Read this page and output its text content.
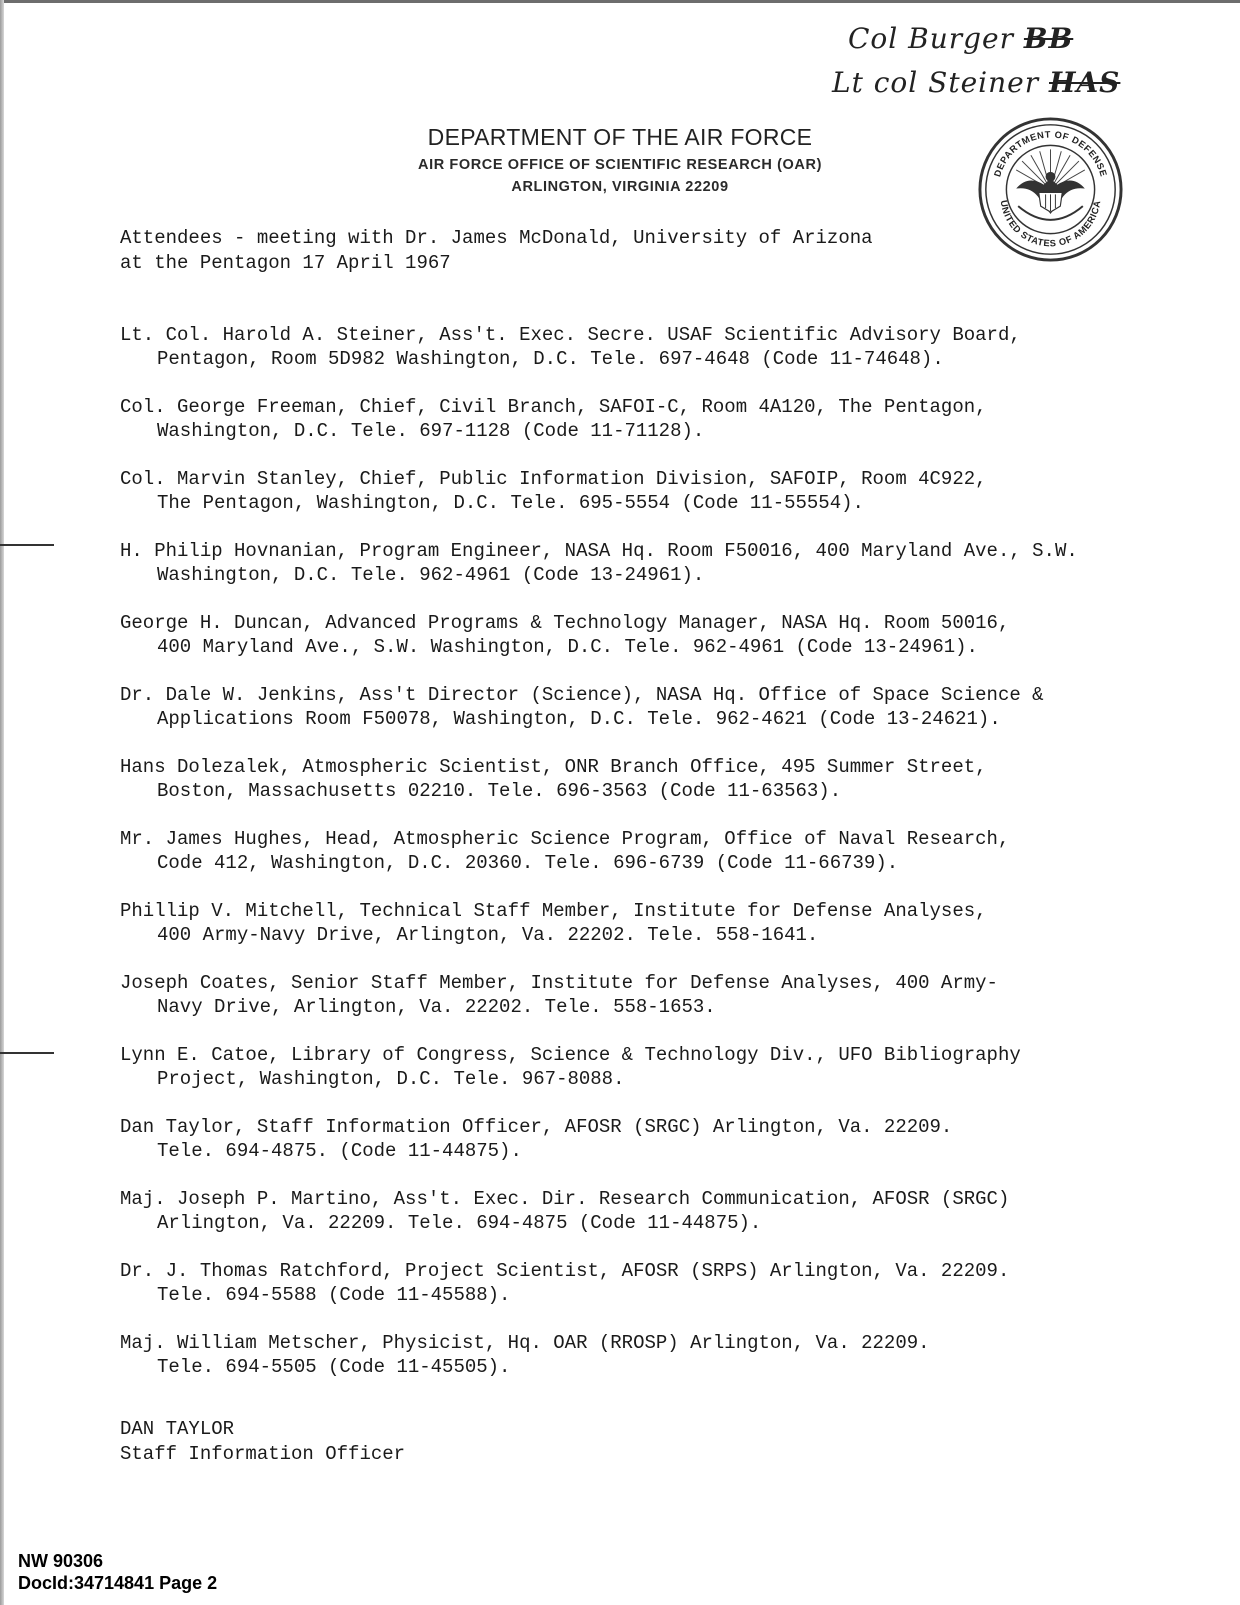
Col Burger BB
Lt col Steiner HAS
DEPARTMENT OF THE AIR FORCE
AIR FORCE OFFICE OF SCIENTIFIC RESEARCH (OAR)
ARLINGTON, VIRGINIA 22209
DEPARTMENT OF DEFENSE
UNITED STATES OF AMERICA
Attendees - meeting with Dr. James McDonald, University of Arizona
at the Pentagon 17 April 1967
Lt. Col. Harold A. Steiner, Ass't. Exec. Secre. USAF Scientific Advisory Board,
Pentagon, Room 5D982 Washington, D.C. Tele. 697-4648 (Code 11-74648).
Col. George Freeman, Chief, Civil Branch, SAFOI-C, Room 4A120, The Pentagon,
Washington, D.C. Tele. 697-1128 (Code 11-71128).
Col. Marvin Stanley, Chief, Public Information Division, SAFOIP, Room 4C922,
The Pentagon, Washington, D.C. Tele. 695-5554 (Code 11-55554).
H. Philip Hovnanian, Program Engineer, NASA Hq. Room F50016, 400 Maryland Ave., S.W.
Washington, D.C. Tele. 962-4961 (Code 13-24961).
George H. Duncan, Advanced Programs & Technology Manager, NASA Hq. Room 50016,
400 Maryland Ave., S.W. Washington, D.C. Tele. 962-4961 (Code 13-24961).
Dr. Dale W. Jenkins, Ass't Director (Science), NASA Hq. Office of Space Science &
Applications Room F50078, Washington, D.C. Tele. 962-4621 (Code 13-24621).
Hans Dolezalek, Atmospheric Scientist, ONR Branch Office, 495 Summer Street,
Boston, Massachusetts 02210. Tele. 696-3563 (Code 11-63563).
Mr. James Hughes, Head, Atmospheric Science Program, Office of Naval Research,
Code 412, Washington, D.C. 20360. Tele. 696-6739 (Code 11-66739).
Phillip V. Mitchell, Technical Staff Member, Institute for Defense Analyses,
400 Army-Navy Drive, Arlington, Va. 22202. Tele. 558-1641.
Joseph Coates, Senior Staff Member, Institute for Defense Analyses, 400 Army-
Navy Drive, Arlington, Va. 22202. Tele. 558-1653.
Lynn E. Catoe, Library of Congress, Science & Technology Div., UFO Bibliography
Project, Washington, D.C. Tele. 967-8088.
Dan Taylor, Staff Information Officer, AFOSR (SRGC) Arlington, Va. 22209.
Tele. 694-4875. (Code 11-44875).
Maj. Joseph P. Martino, Ass't. Exec. Dir. Research Communication, AFOSR (SRGC)
Arlington, Va. 22209. Tele. 694-4875 (Code 11-44875).
Dr. J. Thomas Ratchford, Project Scientist, AFOSR (SRPS) Arlington, Va. 22209.
Tele. 694-5588 (Code 11-45588).
Maj. William Metscher, Physicist, Hq. OAR (RROSP) Arlington, Va. 22209.
Tele. 694-5505 (Code 11-45505).
DAN TAYLOR
Staff Information Officer
NW 90306
DocId:34714841 Page 2
